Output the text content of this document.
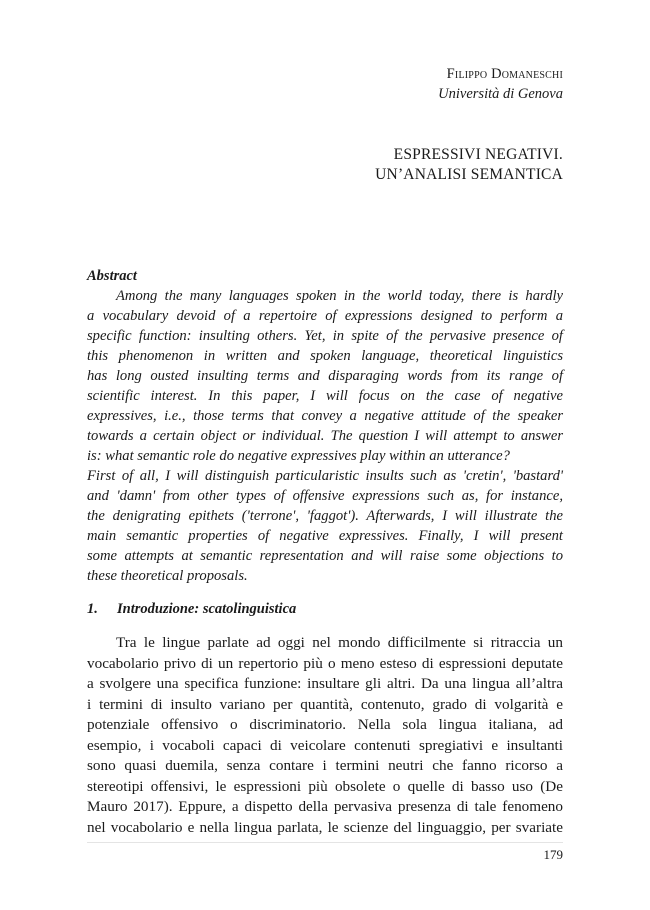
Filippo Domaneschi
Università di Genova
ESPRESSIVI NEGATIVI.
UN’ANALISI SEMANTICA
Abstract
Among the many languages spoken in the world today, there is hardly
a vocabulary devoid of a repertoire of expressions designed to perform a
specific function: insulting others. Yet, in spite of the pervasive presence of
this phenomenon in written and spoken language, theoretical linguistics
has long ousted insulting terms and disparaging words from its range of
scientific interest. In this paper, I will focus on the case of negative
expressives, i.e., those terms that convey a negative attitude of the speaker
towards a certain object or individual. The question I will attempt to answer
is: what semantic role do negative expressives play within an utterance?
First of all, I will distinguish particularistic insults such as 'cretin', 'bastard'
and 'damn' from other types of offensive expressions such as, for instance,
the denigrating epithets ('terrone', 'faggot'). Afterwards, I will illustrate the
main semantic properties of negative expressives. Finally, I will present
some attempts at semantic representation and will raise some objections to
these theoretical proposals.
1. Introduzione: scatolinguistica
Tra le lingue parlate ad oggi nel mondo difficilmente si ritraccia un
vocabolario privo di un repertorio più o meno esteso di espressioni deputate
a svolgere una specifica funzione: insultare gli altri. Da una lingua all’altra
i termini di insulto variano per quantità, contenuto, grado di volgarità e
potenziale offensivo o discriminatorio. Nella sola lingua italiana, ad
esempio, i vocaboli capaci di veicolare contenuti spregiativi e insultanti
sono quasi duemila, senza contare i termini neutri che fanno ricorso a
stereotipi offensivi, le espressioni più obsolete o quelle di basso uso (De
Mauro 2017). Eppure, a dispetto della pervasiva presenza di tale fenomeno
nel vocabolario e nella lingua parlata, le scienze del linguaggio, per svariate
179
